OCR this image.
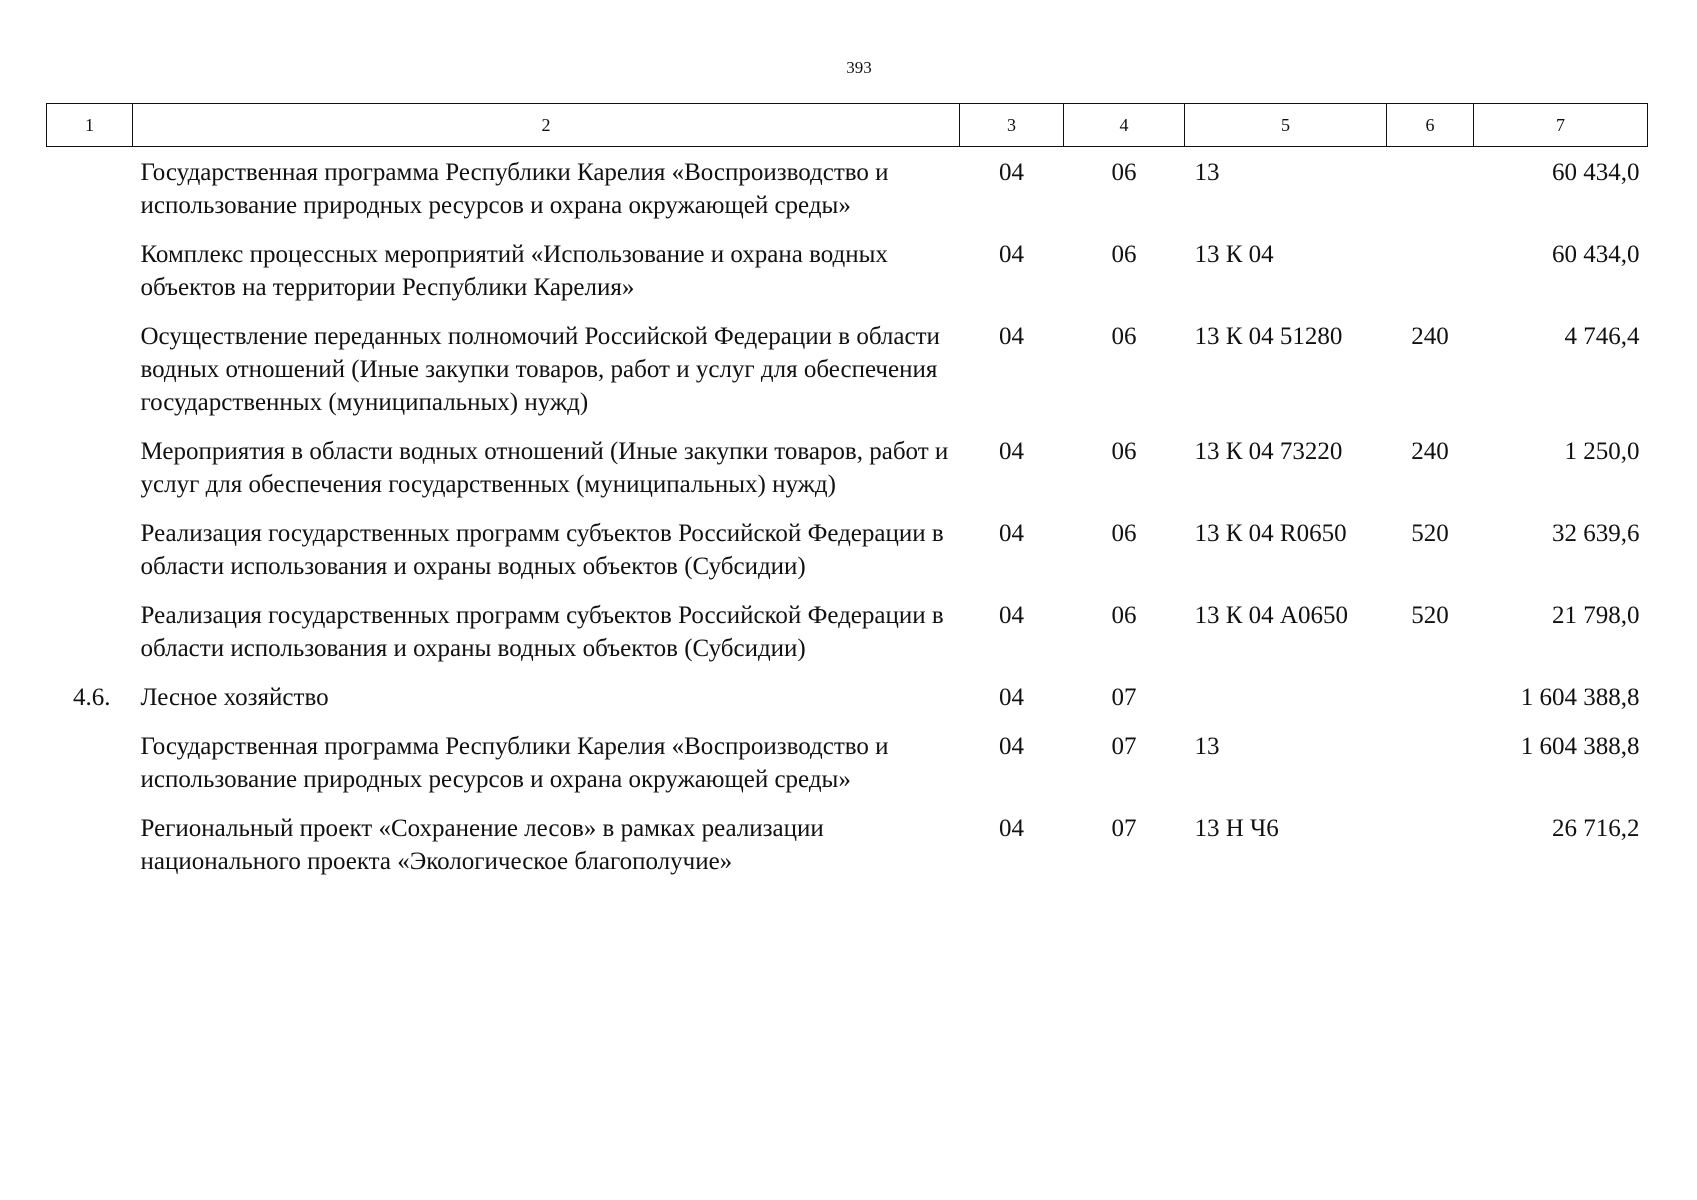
393
1	2	3	4	5	6	7
	Государственная программа Республики Карелия «Воспроизводство и использование природных ресурсов и охрана окружающей среды»	04	06	13		60 434,0
	Комплекс процессных мероприятий «Использование и охрана водных объектов на территории Республики Карелия»	04	06	13 К 04		60 434,0
	Осуществление переданных полномочий Российской Федерации в области водных отношений (Иные закупки товаров, работ и услуг для обеспечения государственных (муниципальных) нужд)	04	06	13 К 04 51280	240	4 746,4
	Мероприятия в области водных отношений (Иные закупки товаров, работ и услуг для обеспечения государственных (муниципальных) нужд)	04	06	13 К 04 73220	240	1 250,0
	Реализация государственных программ субъектов Российской Федерации в области использования и охраны водных объектов (Субсидии)	04	06	13 К 04 R0650	520	32 639,6
	Реализация государственных программ субъектов Российской Федерации в области использования и охраны водных объектов (Субсидии)	04	06	13 К 04 А0650	520	21 798,0
4.6.	Лесное хозяйство	04	07			1 604 388,8
	Государственная программа Республики Карелия «Воспроизводство и использование природных ресурсов и охрана окружающей среды»	04	07	13		1 604 388,8
	Региональный проект «Сохранение лесов» в рамках реализации национального проекта «Экологическое благополучие»	04	07	13 Н Ч6		26 716,2
